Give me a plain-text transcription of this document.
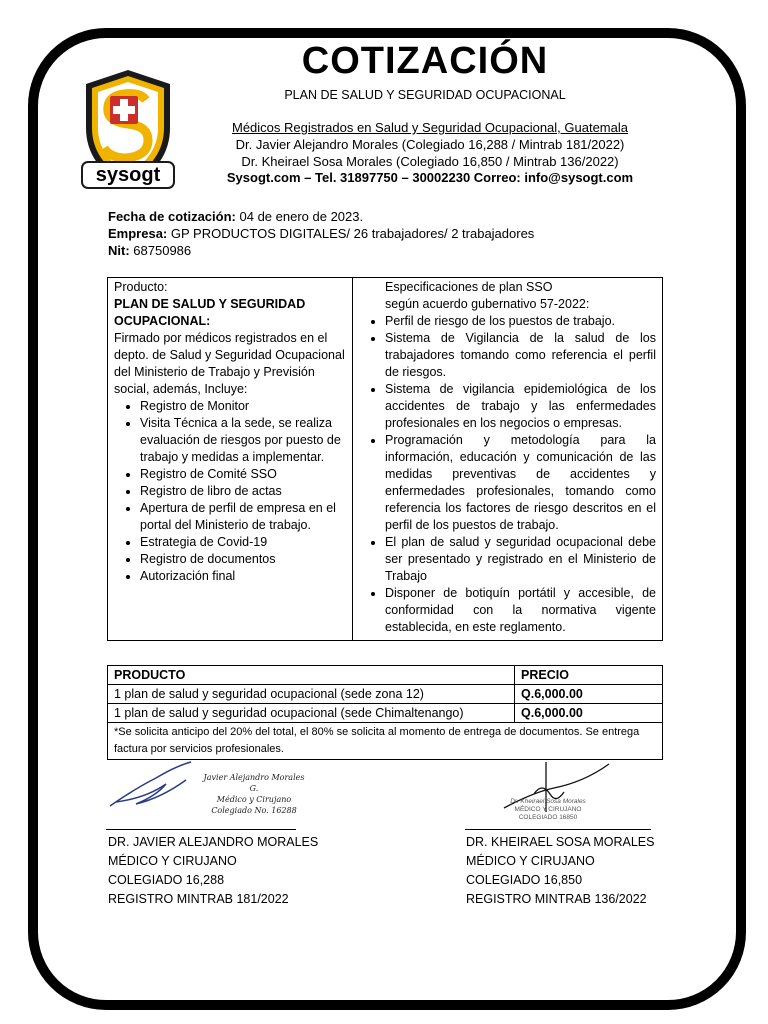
sysogt
COTIZACIÓN
PLAN DE SALUD Y SEGURIDAD OCUPACIONAL
Médicos Registrados en Salud y Seguridad Ocupacional, Guatemala
Dr. Javier Alejandro Morales (Colegiado 16,288 / Mintrab 181/2022)
Dr. Kheirael Sosa Morales (Colegiado 16,850 / Mintrab 136/2022)
Sysogt.com – Tel. 31897750 – 30002230 Correo: info@sysogt.com
Fecha de cotización: 04 de enero de 2023.
Empresa: GP PRODUCTOS DIGITALES/ 26 trabajadores/ 2 trabajadores
Nit: 68750986
Producto:
PLAN DE SALUD Y SEGURIDAD OCUPACIONAL:
Firmado por médicos registrados en el depto. de Salud y Seguridad Ocupacional del Ministerio de Trabajo y Previsión social, además, Incluye:
• Registro de Monitor
• Visita Técnica a la sede, se realiza evaluación de riesgos por puesto de trabajo y medidas a implementar.
• Registro de Comité SSO
• Registro de libro de actas
• Apertura de perfil de empresa en el portal del Ministerio de trabajo.
• Estrategia de Covid-19
• Registro de documentos
• Autorización final

Especificaciones de plan SSO
según acuerdo gubernativo 57-2022:
• Perfil de riesgo de los puestos de trabajo.
• Sistema de Vigilancia de la salud de los trabajadores tomando como referencia el perfil de riesgos.
• Sistema de vigilancia epidemiológica de los accidentes de trabajo y las enfermedades profesionales en los negocios o empresas.
• Programación y metodología para la información, educación y comunicación de las medidas preventivas de accidentes y enfermedades profesionales, tomando como referencia los factores de riesgo descritos en el perfil de los puestos de trabajo.
• El plan de salud y seguridad ocupacional debe ser presentado y registrado en el Ministerio de Trabajo
• Disponer de botiquín portátil y accesible, de conformidad con la normativa vigente establecida, en este reglamento.
PRODUCTO	PRECIO
1 plan de salud y seguridad ocupacional (sede zona 12)	Q.6,000.00
1 plan de salud y seguridad ocupacional (sede Chimaltenango)	Q.6,000.00
*Se solicita anticipo del 20% del total, el 80% se solicita al momento de entrega de documentos. Se entrega factura por servicios profesionales.	
Javier Alejandro Morales G.
Médico y Cirujano
Colegiado No. 16288
Dr. Kheirael Sosa Morales
MÉDICO Y CIRUJANO
COLEGIADO 16850
DR. JAVIER ALEJANDRO MORALES
MÉDICO Y CIRUJANO
COLEGIADO 16,288
REGISTRO MINTRAB 181/2022
DR. KHEIRAEL SOSA MORALES
MÉDICO Y CIRUJANO
COLEGIADO 16,850
REGISTRO MINTRAB 136/2022
